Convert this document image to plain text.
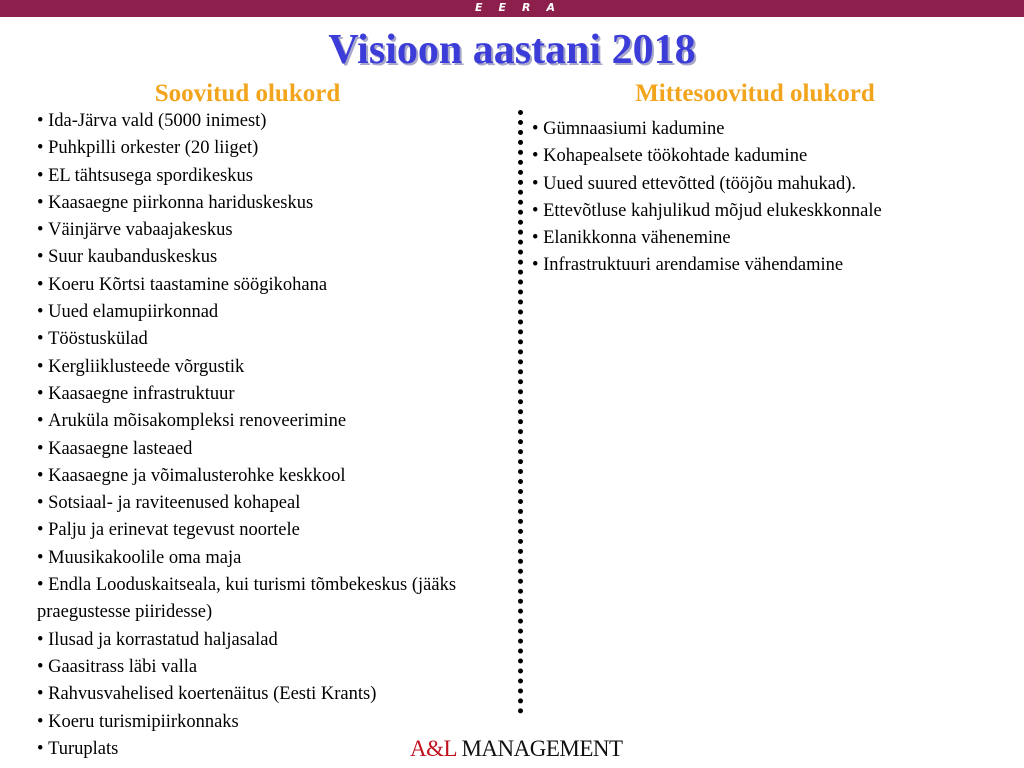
EERA
Visioon aastani 2018
Soovitud olukord	Mittesoovitud olukord
• Ida-Järva vald (5000 inimest)
• Puhkpilli orkester (20 liiget)
• EL tähtsusega spordikeskus
• Kaasaegne piirkonna hariduskeskus
• Väinjärve vabaajakeskus
• Suur kaubanduskeskus
• Koeru Kõrtsi taastamine söögikohana
• Uued elamupiirkonnad
• Tööstuskülad
• Kergliiklusteede võrgustik
• Kaasaegne infrastruktuur
• Aruküla mõisakompleksi renoveerimine
• Kaasaegne lasteaed
• Kaasaegne ja võimalusterohke keskkool
• Sotsiaal- ja raviteenused kohapeal
• Palju ja erinevat tegevust noortele
• Muusikakoolile oma maja
• Endla Looduskaitseala, kui turismi tõmbekeskus (jääks praegustesse piiridesse)
• Ilusad ja korrastatud haljasalad
• Gaasitrass läbi valla
• Rahvusvahelised koertenäitus (Eesti Krants)
• Koeru turismipiirkonnaks
• Turuplats
• Gümnaasiumi kadumine
• Kohapealsete töökohtade kadumine
• Uued suured ettevõtted (tööjõu mahukad).
• Ettevõtluse kahjulikud mõjud elukeskkonnale
• Elanikkonna vähenemine
• Infrastruktuuri arendamise vähendamine
A&L MANAGEMENT
